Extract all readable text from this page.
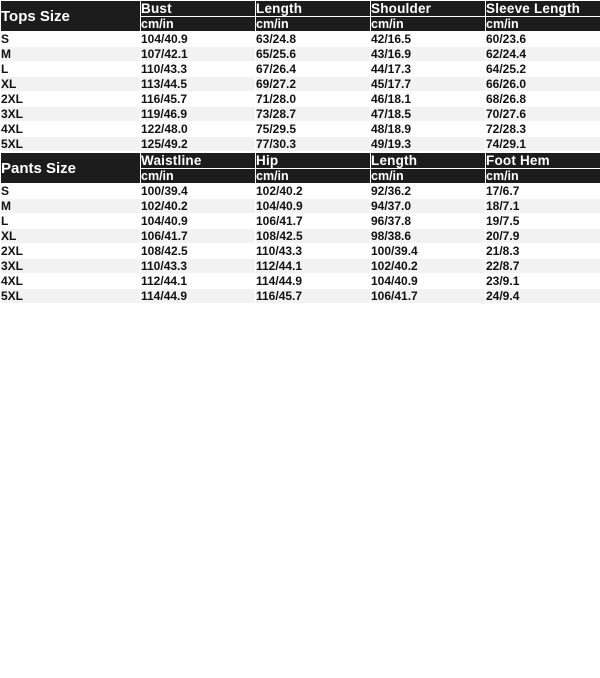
Tops Size	Bust	Length	Shoulder	Sleeve Length
	cm/in	cm/in	cm/in	cm/in
S	104/40.9	63/24.8	42/16.5	60/23.6
M	107/42.1	65/25.6	43/16.9	62/24.4
L	110/43.3	67/26.4	44/17.3	64/25.2
XL	113/44.5	69/27.2	45/17.7	66/26.0
2XL	116/45.7	71/28.0	46/18.1	68/26.8
3XL	119/46.9	73/28.7	47/18.5	70/27.6
4XL	122/48.0	75/29.5	48/18.9	72/28.3
5XL	125/49.2	77/30.3	49/19.3	74/29.1
Pants Size	Waistline	Hip	Length	Foot Hem
	cm/in	cm/in	cm/in	cm/in
S	100/39.4	102/40.2	92/36.2	17/6.7
M	102/40.2	104/40.9	94/37.0	18/7.1
L	104/40.9	106/41.7	96/37.8	19/7.5
XL	106/41.7	108/42.5	98/38.6	20/7.9
2XL	108/42.5	110/43.3	100/39.4	21/8.3
3XL	110/43.3	112/44.1	102/40.2	22/8.7
4XL	112/44.1	114/44.9	104/40.9	23/9.1
5XL	114/44.9	116/45.7	106/41.7	24/9.4
